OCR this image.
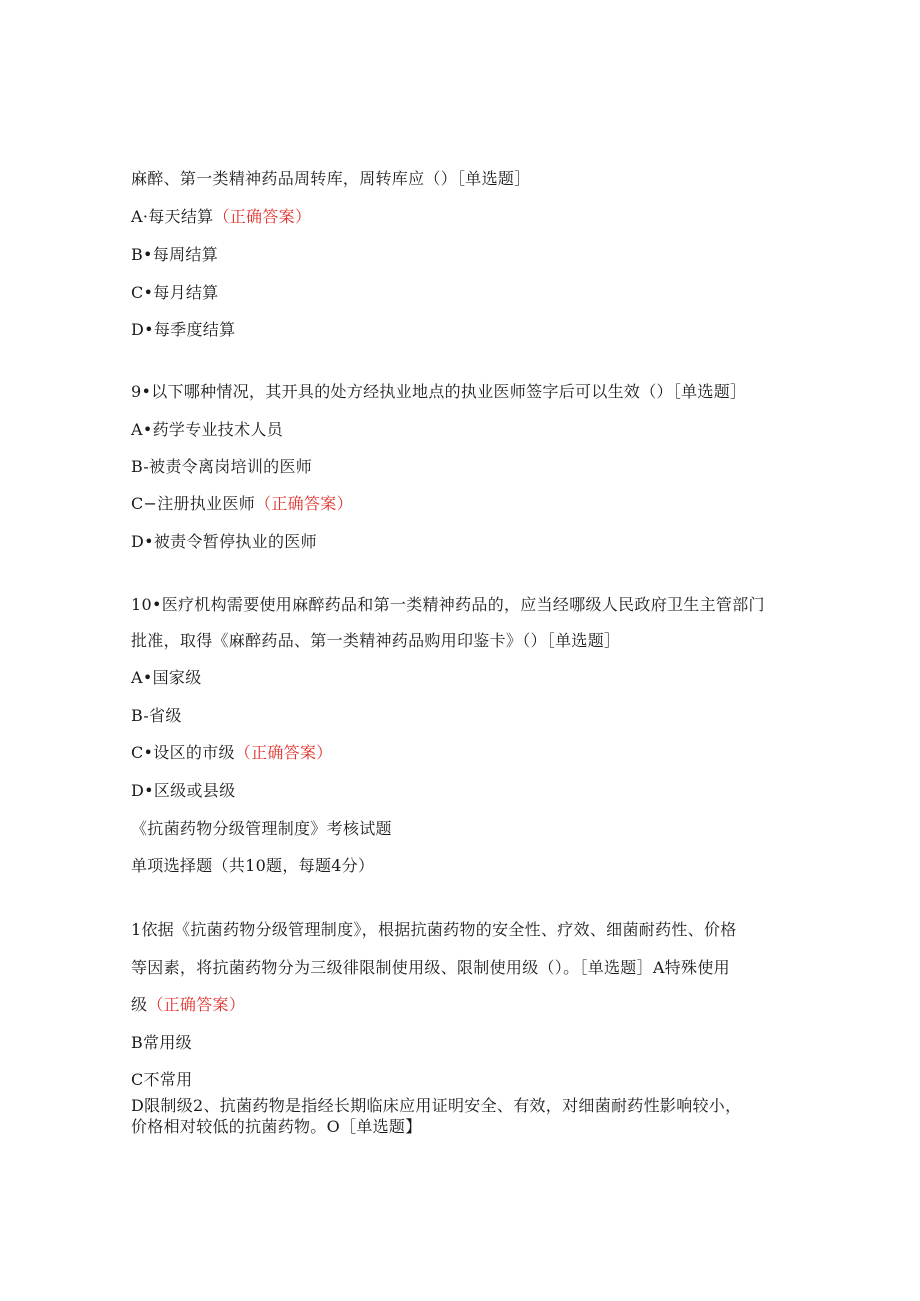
麻醉、第一类精神药品周转库，周转库应（）［单选题］
A·每天结算（正确答案）
B•每周结算
C•每月结算
D•每季度结算
9•以下哪种情况，其开具的处方经执业地点的执业医师签字后可以生效（）［单选题］
A•药学专业技术人员
B-被责令离岗培训的医师
C−注册执业医师（正确答案）
D•被责令暂停执业的医师
10•医疗机构需要使用麻醉药品和第一类精神药品的，应当经哪级人民政府卫生主管部门
批准，取得《麻醉药品、第一类精神药品购用印鉴卡》（）［单选题］
A•国家级
B-省级
C•设区的市级（正确答案）
D•区级或县级
《抗菌药物分级管理制度》考核试题
单项选择题（共10题，每题4分）
1依据《抗菌药物分级管理制度》，根据抗菌药物的安全性、疗效、细菌耐药性、价格
等因素，将抗菌药物分为三级徘限制使用级、限制使用级（）。［单选题］A特殊使用
级（正确答案）
B常用级
C不常用
D限制级2、抗菌药物是指经长期临床应用证明安全、有效，对细菌耐药性影响较小，
价格相对较低的抗菌药物。O［单选题】
